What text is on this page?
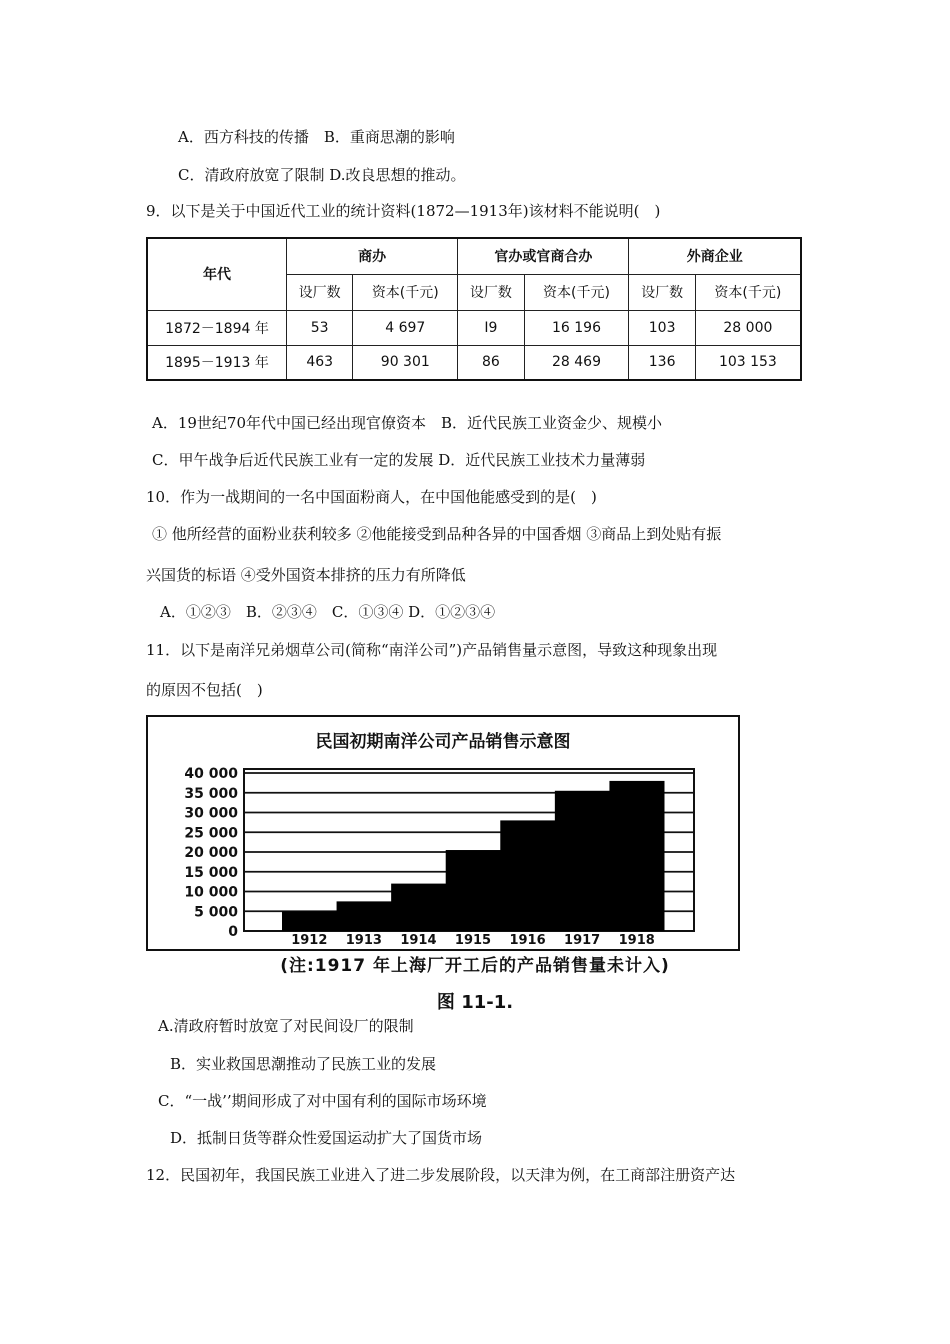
A．西方科技的传播　B．重商思潮的影响
C．清政府放宽了限制 D.改良思想的推动。
9．以下是关于中国近代工业的统计资料(1872—1913年)该材料不能说明(　)
年代	商办		官办或官商合办		外商企业	
	设厂数	资本(千元)	设厂数	资本(千元)	设厂数	资本(千元)
1872－1894 年	53	4 697	I9	16 196	103	28 000
1895－1913 年	463	90 301	86	28 469	136	103 153
A．19世纪70年代中国已经出现官僚资本　B．近代民族工业资金少、规模小
C．甲午战争后近代民族工业有一定的发展 D．近代民族工业技术力量薄弱
10．作为一战期间的一名中国面粉商人，在中国他能感受到的是(　)
① 他所经营的面粉业获利较多 ②他能接受到品种各异的中国香烟 ③商品上到处贴有振
兴国货的标语 ④受外国资本排挤的压力有所降低
A．①②③　B．②③④　C．①③④ D．①②③④
11．以下是南洋兄弟烟草公司(简称“南洋公司”)产品销售量示意图，导致这种现象出现
的原因不包括(　)
民国初期南洋公司产品销售示意图
40 000
35 000
30 000
25 000
20 000
15 000
10 000
5 000
0
1912 1913 1914 1915 1916 1917 1918
(注:1917 年上海厂开工后的产品销售量未计入)
图 11-1.
A.清政府暂时放宽了对民间设厂的限制
B．实业救国思潮推动了民族工业的发展
C．“一战’’期间形成了对中国有利的国际市场环境
D．抵制日货等群众性爱国运动扩大了国货市场
12．民国初年，我国民族工业进入了进二步发展阶段，以天津为例，在工商部注册资产达
